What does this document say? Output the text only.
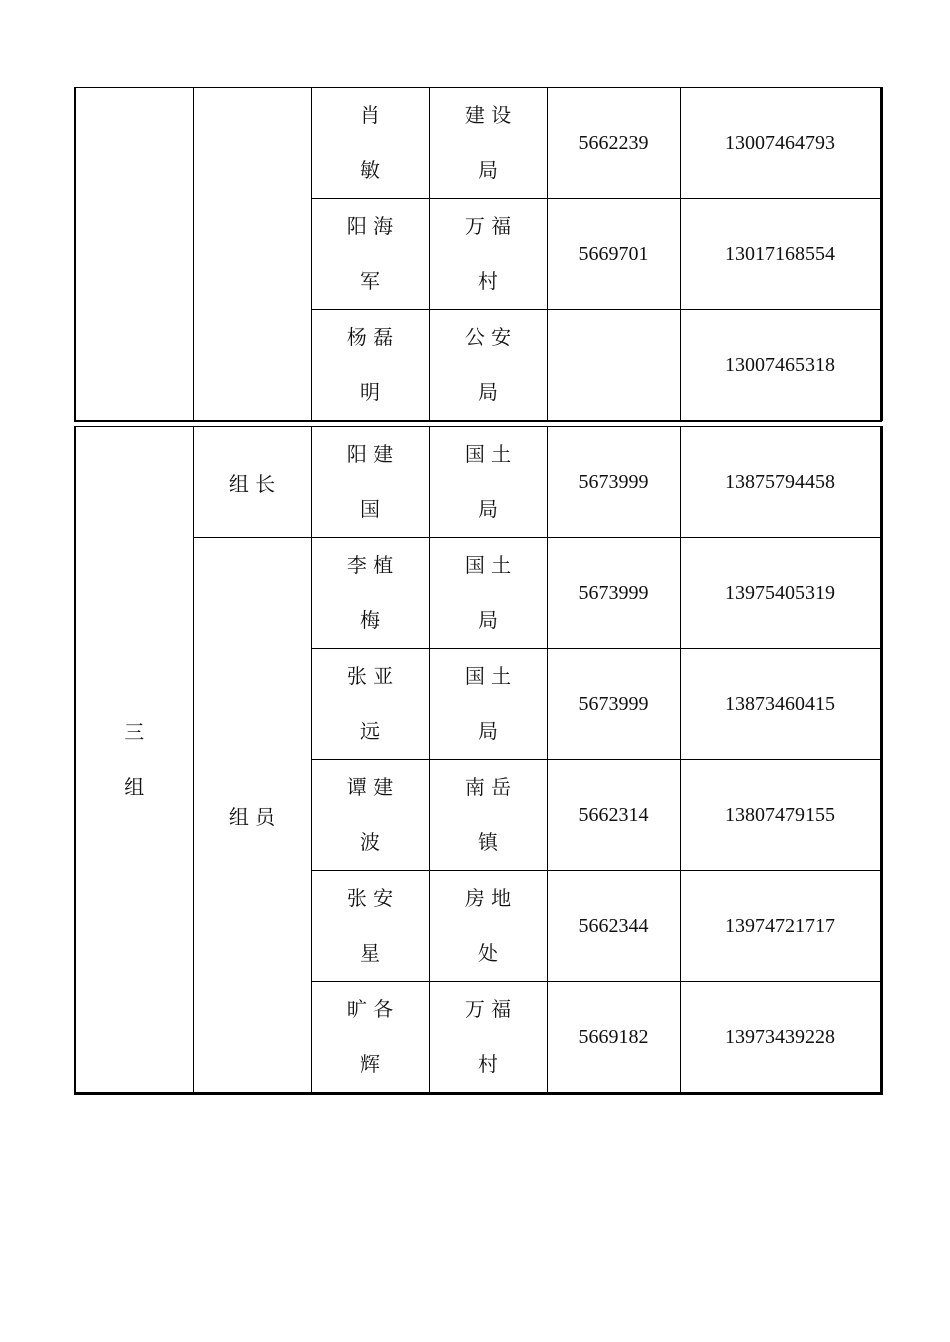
		肖
敏	建 设
局	5662239	13007464793

		阳 海
军	万 福
村	5669701	13017168554

		杨 磊
明	公 安
局		13007465318
三
组	组 长	阳 建
国	国 土
局	5673999	13875794458
	组 员	李 植
梅	国 土
局	5673999	13975405319

		张 亚
远	国 土
局	5673999	13873460415

		谭 建
波	南 岳
镇	5662314	13807479155

		张 安
星	房 地
处	5662344	13974721717

		旷 各
辉	万 福
村	5669182	13973439228
